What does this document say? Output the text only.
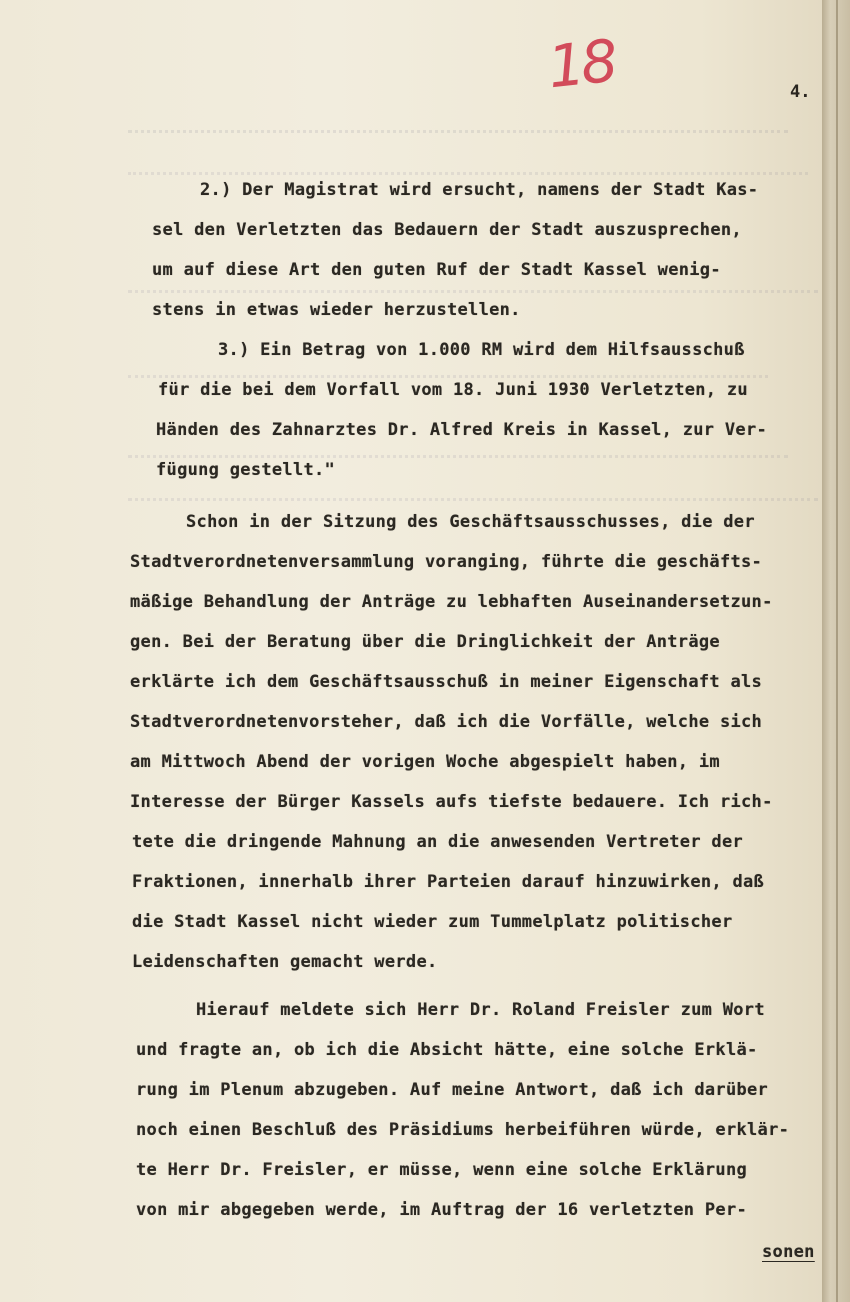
18	4.
2.) Der Magistrat wird ersucht, namens der Stadt Kas-
sel den Verletzten das Bedauern der Stadt auszusprechen,
um auf diese Art den guten Ruf der Stadt Kassel wenig-
stens in etwas wieder herzustellen.
3.) Ein Betrag von 1.000 RM wird dem Hilfsausschuß
für die bei dem Vorfall vom 18. Juni 1930 Verletzten, zu
Händen des Zahnarztes Dr. Alfred Kreis in Kassel, zur Ver-
fügung gestellt."
Schon in der Sitzung des Geschäftsausschusses, die der
Stadtverordnetenversammlung voranging, führte die geschäfts-
mäßige Behandlung der Anträge zu lebhaften Auseinandersetzun-
gen. Bei der Beratung über die Dringlichkeit der Anträge
erklärte ich dem Geschäftsausschuß in meiner Eigenschaft als
Stadtverordnetenvorsteher, daß ich die Vorfälle, welche sich
am Mittwoch Abend der vorigen Woche abgespielt haben, im
Interesse der Bürger Kassels aufs tiefste bedauere. Ich rich-
tete die dringende Mahnung an die anwesenden Vertreter der
Fraktionen, innerhalb ihrer Parteien darauf hinzuwirken, daß
die Stadt Kassel nicht wieder zum Tummelplatz politischer
Leidenschaften gemacht werde.
Hierauf meldete sich Herr Dr. Roland Freisler zum Wort
und fragte an, ob ich die Absicht hätte, eine solche Erklä-
rung im Plenum abzugeben. Auf meine Antwort, daß ich darüber
noch einen Beschluß des Präsidiums herbeiführen würde, erklär-
te Herr Dr. Freisler, er müsse, wenn eine solche Erklärung
von mir abgegeben werde, im Auftrag der 16 verletzten Per-
sonen
